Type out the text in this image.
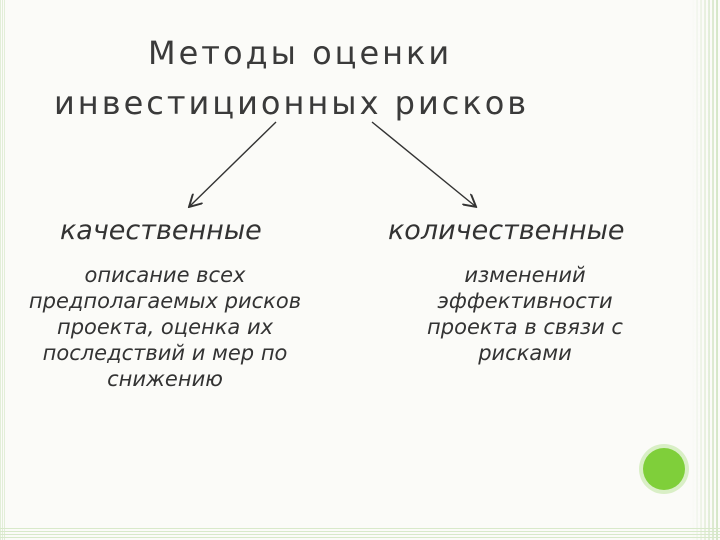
Методы оценки
инвестиционных рисков
качественные	количественные
описание всех предполагаемых рисков проекта, оценка их последствий и мер по снижению
изменений эффективности проекта в связи с рисками
